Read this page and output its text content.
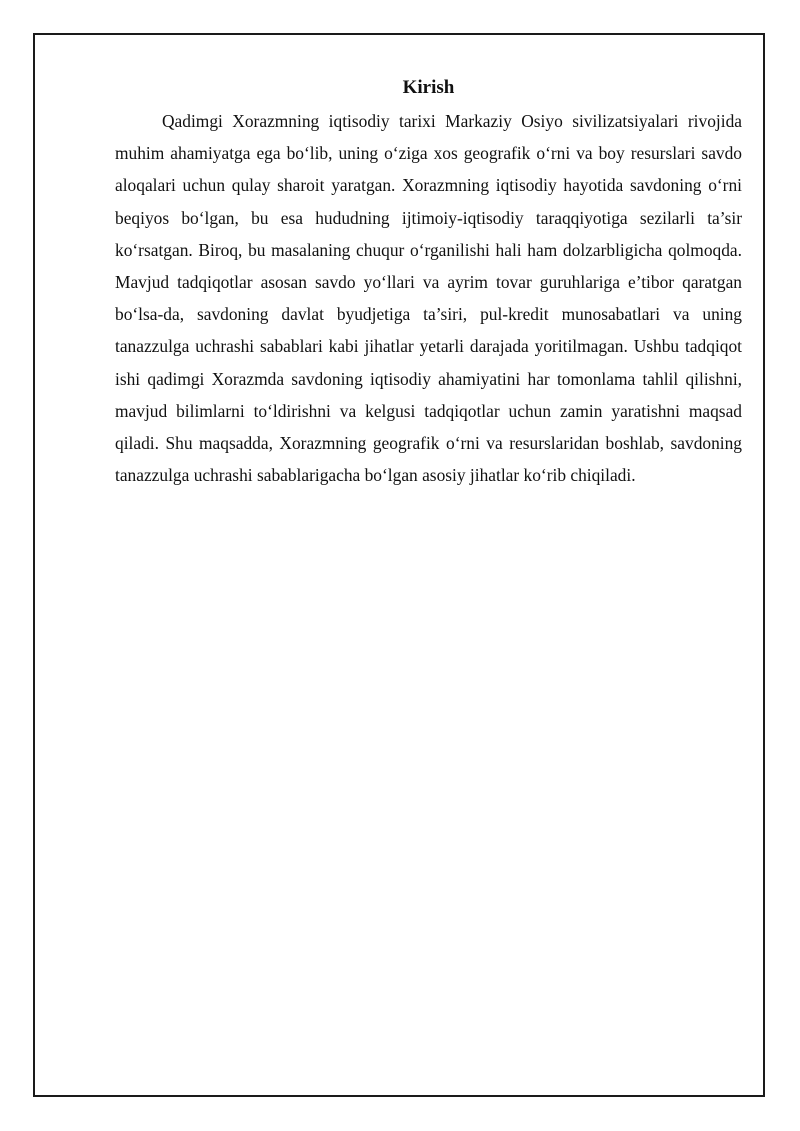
Kirish

Qadimgi Xorazmning iqtisodiy tarixi Markaziy Osiyo sivilizatsiyalari rivojida muhim ahamiyatga ega bo‘lib, uning o‘ziga xos geografik o‘rni va boy resurslari savdo aloqalari uchun qulay sharoit yaratgan. Xorazmning iqtisodiy hayotida savdoning o‘rni beqiyos bo‘lgan, bu esa hududning ijtimoiy-iqtisodiy taraqqiyotiga sezilarli ta’sir ko‘rsatgan. Biroq, bu masalaning chuqur o‘rganilishi hali ham dolzarbligicha qolmoqda. Mavjud tadqiqotlar asosan savdo yo‘llari va ayrim tovar guruhlariga e’tibor qaratgan bo‘lsa-da, savdoning davlat byudjetiga ta’siri, pul-kredit munosabatlari va uning tanazzulga uchrashi sabablari kabi jihatlar yetarli darajada yoritilmagan. Ushbu tadqiqot ishi qadimgi Xorazmda savdoning iqtisodiy ahamiyatini har tomonlama tahlil qilishni, mavjud bilimlarni to‘ldirishni va kelgusi tadqiqotlar uchun zamin yaratishni maqsad qiladi. Shu maqsadda, Xorazmning geografik o‘rni va resurslaridan boshlab, savdoning tanazzulga uchrashi sabablarigacha bo‘lgan asosiy jihatlar ko‘rib chiqiladi.
